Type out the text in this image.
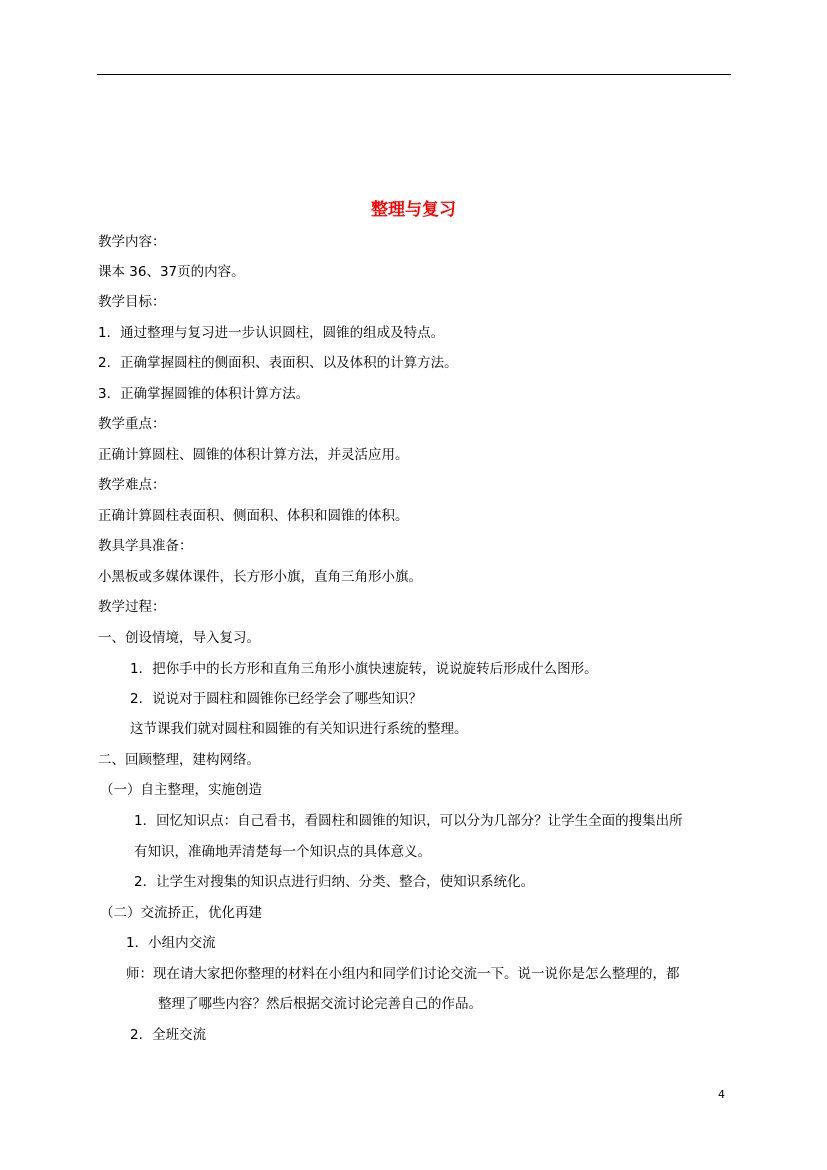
整理与复习
教学内容：
课本 36、37页的内容。
教学目标：
1．通过整理与复习进一步认识圆柱，圆锥的组成及特点。
2．正确掌握圆柱的侧面积、表面积、以及体积的计算方法。
3．正确掌握圆锥的体积计算方法。
教学重点：
正确计算圆柱、圆锥的体积计算方法，并灵活应用。
教学难点：
正确计算圆柱表面积、侧面积、体积和圆锥的体积。
教具学具准备：
小黑板或多媒体课件，长方形小旗，直角三角形小旗。
教学过程：
一、创设情境，导入复习。
1．把你手中的长方形和直角三角形小旗快速旋转，说说旋转后形成什么图形。
2．说说对于圆柱和圆锥你已经学会了哪些知识？
这节课我们就对圆柱和圆锥的有关知识进行系统的整理。
二、回顾整理，建构网络。
（一）自主整理，实施创造
1．回忆知识点：自己看书，看圆柱和圆锥的知识，可以分为几部分？让学生全面的搜集出所
有知识，准确地弄清楚每一个知识点的具体意义。
2．让学生对搜集的知识点进行归纳、分类、整合，使知识系统化。
（二）交流挢正，优化再建
1．小组内交流
师：现在请大家把你整理的材料在小组内和同学们讨论交流一下。说一说你是怎么整理的，都
整理了哪些内容？然后根据交流讨论完善自己的作品。
2．全班交流
4
